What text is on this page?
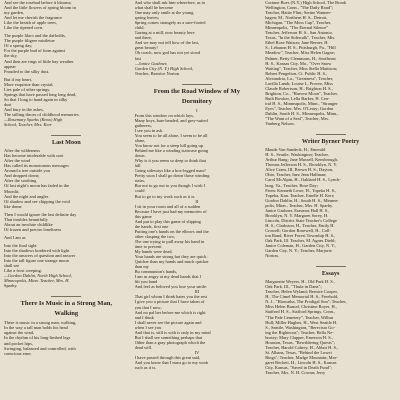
And see the rosebud before it blooms;
And the little flowers of spring bloom in
my garden,
And let me cherish the fragrance
Like the breath of apple trees,
Like the ripened corn.

The purple lilacs and the daffodils,
The purple filigree mistletoe
Of a spring day,
For the purple bud of form against
the sky,
And then are rings of little bay weather
appear
Prouded to the silky dust.

But if my heart,
More exquisite than crystal,
Lies pale of other springs,
Springs that have passed long long dead,
So that I long to hand again in silky
dust
And bury in the ashes,
The stilling throes of childhood memories.
—Rosemary Sparks (Knox) High
School, Teacher, Mrs. Kerr
Last Moon
After the wilderness
Has become intolerable with soot
After the wind
Has called its monotonous messages
Around a tree outside you
And dropped down;
After the soothing
Of last night's moon has faded in the
Moonlit,
And the night and angles
Of shadow and see chipping the void
like dome

Then I would ignore the last definite day
That troubles beautifully
About an involute childlike
Of frozen and precise loneliness

And I am as

Into the final sight
Into the shadows bordered with light
Into the answers of question and answer
Into the tall figure one strange moon
shall see
Like a frost creeping.
—Gordon Dahlin, North High School,
Minneapolis, Minn. Teacher, Mrs. H.
Sparby.
There Is Music in a Strong Man,
Walking
There is music in a strong man, walking,
In the way a tall man holds his head
against the wind,
In the rhythm of his long-limbed legs
and pocket hips,
Swinging, balanced and controlled, with
conscious ease;
And who shall ask him wherefore, as to
what shall he become
One may only smile at the young
spring leaves;
Spring comes strangely as a sure-footed
child.
Gazing at a mill, now beauty here
and there,
And we may not tell how of the last,
great beauty!
Oh coach, now god has not yet stood
fast
—Janice Gashner,
Garden City (N. Y.) High School,
Teacher, Beatrice Norton
From the Road Window of My
Dormitory
I
From this window on which lays,
Many boys, bare headed, and grey-suited
gatherers,
I see you in ask.
You seem to be all alone, I seem to be all
alone,
You know not for a steep hill going up
Behind me like a winding staircase going
down.
Why is it you seem so deep to think that
hill
Going sideways like a box-legged man?
Pretty soon I shall go down those winding
stairs,
But not to go out to you though I wish I
could
But to go to my work such as it is.
II
I sit in your room and all of a sudden
Because I have just had my memories of
this game
And put to play this game of slipping
the hands, first one
Putting one's hands on the elbows and the
other clasping the two,
The one trying to pull away his hand in
time to prevent
My hands were dead,
Your hands are strong but they are quick.
Quicker than my hands and much quicker
than my
Bu communion's hands,
I am as angry at my dead hands that I
lift you hand
And feel as beloved you lose your smile.
III
That girl whom I think hates you the rest
I give you a picture that I have taken of
you that I now;
And no pal her before me which is right
and I think
I shall never see the picture again and
when I see you
And that is, still is with is only in my mind
But I shall see something perhaps that
Other than a gray photograph which the
dead will.
IV
I have passed through this great said,
And you know that I must go to my work
such as it is.
Corinne Boes (N.Y.) High School, The Brook
Wellington, Conn., "The Daily Road";
Teacher, Hattie Flint; Serine Wanner-
hagen; M., Northern H. S., Detroit,
Michigan, "The Moss Cup", Teacher,
Minneapolis, "The Eternal Silence"
Teacher, Jefferson H. S., San Antonio,
Texas, "In the Sidewalk", Teacher, Mis.
Ethel Rose Watson; Jane Berner, H.
S., Lebanon H. S., Pittsburgh, Pa., "Hill
Meadow", Teacher, Miss Helen Gagne;
Palmer, Betty Clemmons, H., Southeast
H. S., Kansas City, Mo., "Over Snow
Waiting", Teacher, Miss Stella Mattison;
Robert Pengelton, Ct. Public H. S.,
Alexandria, La., "Greatness", Teacher,
Lavilla Lamb; Louise L. Provee, Miss
Claude Robertson, H., Brighton H. S.,
Brighton, Co., "Harvest Moon", Teacher,
Ruth Bowker, Lella Barker, H. Cen-
tral H. S., Minneapolis, Minn., "Stranger
Eyes", Teacher, Mrs. O'Leary; Gordon
Dahlin, South H. S., Minneapolis, Minn.,
"The Want of a Seal", Teacher, Mrs.
Vanberg Nelson.
Writer Byrner Poetry
Maude Van Sandeck, H., Emerald
H. S., Seattle, Washington; Teacher,
Arthur Bang; Jane Mussell, Kensbrough,
Thomas Jefferson H. S., Brooklyn, N. Y.
Alice Cram, III, Brown H. S., Dayton,
Ohio, Teacher, Inez Jean Hallman;
Carol McAlpin, H., Oakland H. S., Lynch-
burg, Va., Teacher, Rose Day;
From: Kenneth Lowe, H., Topeka H. S.,
Topeka, Kan. Teacher, Emelle H. Kerr;
Gordon Dahlin, H., South H. S., Minnea-
polis, Minn., Teacher, Mrs. H. Sparby.
Janice Gashner, Erasmus Hall H. S.,
Brooklyn, N. Y. Margaret Sorey, H.
Lincoln, District State Teacher's College
H. S., Clarkston, H., Teacher, Emily H.
Crowell; Gordon Rosewell, H., Coll-
ton Rand, River Forest Township H. S.,
Oak Park, Ill. Teacher, M. Agnes Diehl;
Janice Coleman, H., Garden City, N. Y.,
Garden City, N. Y.; Teacher, Marjorie
Norton.
Essays
Marguerite Weyers, H., Old Park H. S.,
Oak Park, Ill., "Thula in Danz";
Teacher, Helen Wyland; Bernice Cooper,
H., The Cimel Memorial H. S., Freehold,
N. J., "Hiawatha, The Prodigal Son"; Teacher,
Miss Helen Bunsel, Christine Boyer, H.,
Stafford H. S., Stafford Springs, Conn.,
"The Pale Cemetery", Teacher, Wilbur
Hull; Miller Hughes, H., West Seattle H.
S., Seattle, Washington, "Berecisto Go-
ing the Righteous"; Teacher, Bella Ne-
brasey; Mary Clapper, Emerson H. S.,
Houston, Texas, "Bewildering Quests";
Teacher, Harold Cobrey, H., Abbot H. S.,
St. Albans, Texas, "Behind the Lowei
Rings"; Teacher, Madge Mountain; Mar-
garet Beckett, H., Lincoln H. S., Kansas
City, Kansas, "Saved in Death Fund";
Teacher, Mrs. N. H. Cowan; Jerry
